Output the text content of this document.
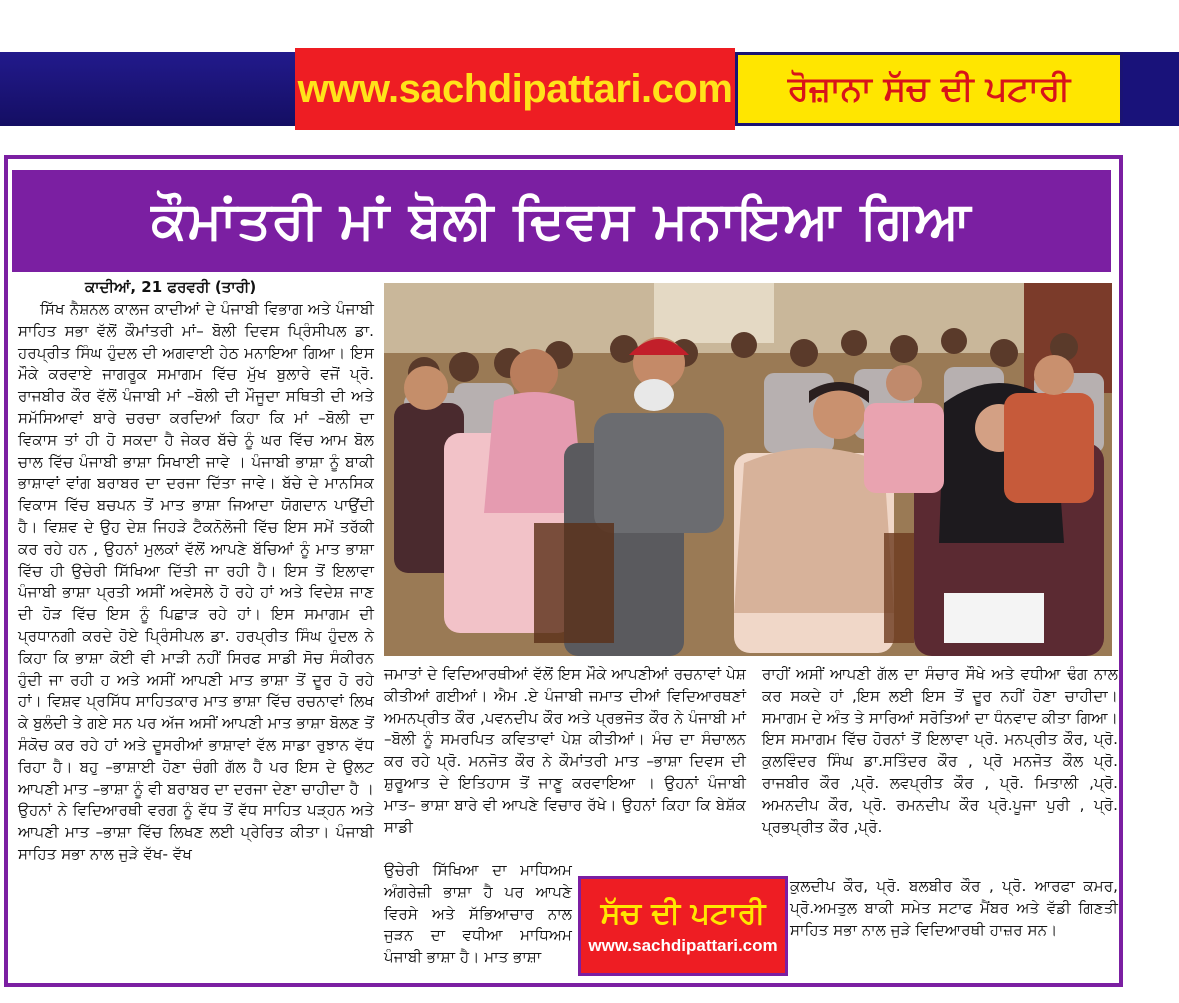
www.sachdipattari.com ਰੋਜ਼ਾਨਾ ਸੱਚ ਦੀ ਪਟਾਰੀ
ਕੌਮਾਂਤਰੀ ਮਾਂ ਬੋਲੀ ਦਿਵਸ ਮਨਾਇਆ ਗਿਆ
ਕਾਦੀਆਂ, 21 ਫਰਵਰੀ (ਤਾਰੀ)
ਸਿੱਖ ਨੈਸ਼ਨਲ ਕਾਲਜ ਕਾਦੀਆਂ ਦੇ ਪੰਜਾਬੀ ਵਿਭਾਗ ਅਤੇ ਪੰਜਾਬੀ ਸਾਹਿਤ ਸਭਾ ਵੱਲੋਂ ਕੌਮਾਂਤਰੀ ਮਾਂ– ਬੋਲੀ ਦਿਵਸ ਪ੍ਰਿੰਸੀਪਲ ਡਾ. ਹਰਪ੍ਰੀਤ ਸਿੰਘ ਹੁੰਦਲ ਦੀ ਅਗਵਾਈ ਹੇਠ ਮਨਾਇਆ ਗਿਆ। ਇਸ ਮੌਕੇ ਕਰਵਾਏ ਜਾਗਰੂਕ ਸਮਾਗਮ ਵਿੱਚ ਮੁੱਖ ਬੁਲਾਰੇ ਵਜੋਂ ਪ੍ਰੋ. ਰਾਜਬੀਰ ਕੌਰ ਵੱਲੋਂ ਪੰਜਾਬੀ ਮਾਂ –ਬੋਲੀ ਦੀ ਮੌਜੂਦਾ ਸਥਿਤੀ ਦੀ ਅਤੇ ਸਮੱਸਿਆਵਾਂ ਬਾਰੇ ਚਰਚਾ ਕਰਦਿਆਂ ਕਿਹਾ ਕਿ ਮਾਂ –ਬੋਲੀ ਦਾ ਵਿਕਾਸ ਤਾਂ ਹੀ ਹੋ ਸਕਦਾ ਹੈ ਜੇਕਰ ਬੱਚੇ ਨੂੰ ਘਰ ਵਿੱਚ ਆਮ ਬੋਲ ਚਾਲ ਵਿੱਚ ਪੰਜਾਬੀ ਭਾਸ਼ਾ ਸਿਖਾਈ ਜਾਵੇ । ਪੰਜਾਬੀ ਭਾਸ਼ਾ ਨੂੰ ਬਾਕੀ ਭਾਸ਼ਾਵਾਂ ਵਾਂਗ ਬਰਾਬਰ ਦਾ ਦਰਜਾ ਦਿੱਤਾ ਜਾਵੇ। ਬੱਚੇ ਦੇ ਮਾਨਸਿਕ ਵਿਕਾਸ ਵਿੱਚ ਬਚਪਨ ਤੋਂ ਮਾਤ ਭਾਸ਼ਾ ਜਿਆਦਾ ਯੋਗਦਾਨ ਪਾਉਂਦੀ ਹੈ। ਵਿਸ਼ਵ ਦੇ ਉਹ ਦੇਸ਼ ਜਿਹੜੇ ਟੈਕਨੋਲੋਜੀ ਵਿੱਚ ਇਸ ਸਮੇਂ ਤਰੱਕੀ ਕਰ ਰਹੇ ਹਨ , ਉਹਨਾਂ ਮੁਲਕਾਂ ਵੱਲੋਂ ਆਪਣੇ ਬੱਚਿਆਂ ਨੂੰ ਮਾਤ ਭਾਸ਼ਾ ਵਿੱਚ ਹੀ ਉਚੇਰੀ ਸਿੱਖਿਆ ਦਿੱਤੀ ਜਾ ਰਹੀ ਹੈ। ਇਸ ਤੋਂ ਇਲਾਵਾ ਪੰਜਾਬੀ ਭਾਸ਼ਾ ਪ੍ਰਤੀ ਅਸੀਂ ਅਵੇਸਲੇ ਹੋ ਰਹੇ ਹਾਂ ਅਤੇ ਵਿਦੇਸ਼ ਜਾਣ ਦੀ ਹੋੜ ਵਿੱਚ ਇਸ ਨੂੰ ਪਿਛਾੜ ਰਹੇ ਹਾਂ। ਇਸ ਸਮਾਗਮ ਦੀ ਪ੍ਰਧਾਨਗੀ ਕਰਦੇ ਹੋਏ ਪ੍ਰਿੰਸੀਪਲ ਡਾ. ਹਰਪ੍ਰੀਤ ਸਿੰਘ ਹੁੰਦਲ ਨੇ ਕਿਹਾ ਕਿ ਭਾਸ਼ਾ ਕੋਈ ਵੀ ਮਾੜੀ ਨਹੀਂ ਸਿਰਫ ਸਾਡੀ ਸੋਚ ਸੰਕੀਰਨ ਹੁੰਦੀ ਜਾ ਰਹੀ ਹ ਅਤੇ ਅਸੀਂ ਆਪਣੀ ਮਾਤ ਭਾਸ਼ਾ ਤੋਂ ਦੂਰ ਹੋ ਰਹੇ ਹਾਂ। ਵਿਸ਼ਵ ਪ੍ਰਸਿੱਧ ਸਾਹਿਤਕਾਰ ਮਾਤ ਭਾਸ਼ਾ ਵਿੱਚ ਰਚਨਾਵਾਂ ਲਿਖ ਕੇ ਬੁਲੰਦੀ ਤੇ ਗਏ ਸਨ ਪਰ ਅੱਜ ਅਸੀਂ ਆਪਣੀ ਮਾਤ ਭਾਸ਼ਾ ਬੋਲਣ ਤੋਂ ਸੰਕੋਚ ਕਰ ਰਹੇ ਹਾਂ ਅਤੇ ਦੂਸਰੀਆਂ ਭਾਸ਼ਾਵਾਂ ਵੱਲ ਸਾਡਾ ਰੁਝਾਨ ਵੱਧ ਰਿਹਾ ਹੈ। ਬਹੁ –ਭਾਸ਼ਾਈ ਹੋਣਾ ਚੰਗੀ ਗੱਲ ਹੈ ਪਰ ਇਸ ਦੇ ਉਲਟ ਆਪਣੀ ਮਾਤ –ਭਾਸ਼ਾ ਨੂੰ ਵੀ ਬਰਾਬਰ ਦਾ ਦਰਜਾ ਦੇਣਾ ਚਾਹੀਦਾ ਹੈ । ਉਹਨਾਂ ਨੇ ਵਿਦਿਆਰਥੀ ਵਰਗ ਨੂੰ ਵੱਧ ਤੋਂ ਵੱਧ ਸਾਹਿਤ ਪੜ੍ਹਨ ਅਤੇ ਆਪਣੀ ਮਾਤ –ਭਾਸ਼ਾ ਵਿੱਚ ਲਿਖਣ ਲਈ ਪ੍ਰੇਰਿਤ ਕੀਤਾ। ਪੰਜਾਬੀ ਸਾਹਿਤ ਸਭਾ ਨਾਲ ਜੁੜੇ ਵੱਖ- ਵੱਖ
ਜਮਾਤਾਂ ਦੇ ਵਿਦਿਆਰਥੀਆਂ ਵੱਲੋਂ ਇਸ ਮੌਕੇ ਆਪਣੀਆਂ ਰਚਨਾਵਾਂ ਪੇਸ਼ ਕੀਤੀਆਂ ਗਈਆਂ। ਐਮ .ਏ ਪੰਜਾਬੀ ਜਮਾਤ ਦੀਆਂ ਵਿਦਿਆਰਥਣਾਂ ਅਮਨਪ੍ਰੀਤ ਕੌਰ ,ਪਵਨਦੀਪ ਕੌਰ ਅਤੇ ਪ੍ਰਭਜੋਤ ਕੌਰ ਨੇ ਪੰਜਾਬੀ ਮਾਂ –ਬੋਲੀ ਨੂੰ ਸਮਰਪਿਤ ਕਵਿਤਾਵਾਂ ਪੇਸ਼ ਕੀਤੀਆਂ। ਮੰਚ ਦਾ ਸੰਚਾਲਨ ਕਰ ਰਹੇ ਪ੍ਰੋ. ਮਨਜੋਤ ਕੌਰ ਨੇ ਕੌਮਾਂਤਰੀ ਮਾਤ –ਭਾਸ਼ਾ ਦਿਵਸ ਦੀ ਸ਼ੁਰੂਆਤ ਦੇ ਇਤਿਹਾਸ ਤੋਂ ਜਾਣੂ ਕਰਵਾਇਆ । ਉਹਨਾਂ ਪੰਜਾਬੀ ਮਾਤ– ਭਾਸ਼ਾ ਬਾਰੇ ਵੀ ਆਪਣੇ ਵਿਚਾਰ ਰੱਖੇ। ਉਹਨਾਂ ਕਿਹਾ ਕਿ ਬੇਸ਼ੱਕ ਸਾਡੀ
ਉਚੇਰੀ ਸਿੱਖਿਆ ਦਾ ਮਾਧਿਅਮ ਅੰਗਰੇਜ਼ੀ ਭਾਸ਼ਾ ਹੈ ਪਰ ਆਪਣੇ ਵਿਰਸੇ ਅਤੇ ਸੱਭਿਆਚਾਰ ਨਾਲ ਜੁੜਨ ਦਾ ਵਧੀਆ ਮਾਧਿਅਮ ਪੰਜਾਬੀ ਭਾਸ਼ਾ ਹੈ। ਮਾਤ ਭਾਸ਼ਾ
ਸੱਚ ਦੀ ਪਟਾਰੀ
www.sachdipattari.com
ਰਾਹੀਂ ਅਸੀਂ ਆਪਣੀ ਗੱਲ ਦਾ ਸੰਚਾਰ ਸੌਖੇ ਅਤੇ ਵਧੀਆ ਢੰਗ ਨਾਲ ਕਰ ਸਕਦੇ ਹਾਂ ,ਇਸ ਲਈ ਇਸ ਤੋਂ ਦੂਰ ਨਹੀਂ ਹੋਣਾ ਚਾਹੀਦਾ। ਸਮਾਗਮ ਦੇ ਅੰਤ ਤੇ ਸਾਰਿਆਂ ਸਰੋਤਿਆਂ ਦਾ ਧੰਨਵਾਦ ਕੀਤਾ ਗਿਆ। ਇਸ ਸਮਾਗਮ ਵਿੱਚ ਹੋਰਨਾਂ ਤੋਂ ਇਲਾਵਾ ਪ੍ਰੋ. ਮਨਪ੍ਰੀਤ ਕੌਰ, ਪ੍ਰੋ. ਕੁਲਵਿੰਦਰ ਸਿੰਘ ਡਾ.ਸਤਿੰਦਰ ਕੌਰ , ਪ੍ਰੋ ਮਨਜੋਤ ਕੌਲ ਪ੍ਰੋ. ਰਾਜਬੀਰ ਕੌਰ ,ਪ੍ਰੋ. ਲਵਪ੍ਰੀਤ ਕੌਰ , ਪ੍ਰੋ. ਮਿਤਾਲੀ ,ਪ੍ਰੋ. ਅਮਨਦੀਪ ਕੌਰ, ਪ੍ਰੋ. ਰਮਨਦੀਪ ਕੌਰ ਪ੍ਰੋ.ਪੂਜਾ ਪੁਰੀ , ਪ੍ਰੋ. ਪ੍ਰਭਪ੍ਰੀਤ ਕੌਰ ,ਪ੍ਰੋ.
ਕੁਲਦੀਪ ਕੌਰ, ਪ੍ਰੋ. ਬਲਬੀਰ ਕੌਰ , ਪ੍ਰੋ. ਆਰਫਾ ਕਮਰ, ਪ੍ਰੋ.ਅਮਤੁਲ ਬਾਕੀ ਸਮੇਤ ਸਟਾਫ ਮੈਂਬਰ ਅਤੇ ਵੱਡੀ ਗਿਣਤੀ ਸਾਹਿਤ ਸਭਾ ਨਾਲ ਜੁੜੇ ਵਿਦਿਆਰਥੀ ਹਾਜ਼ਰ ਸਨ।
